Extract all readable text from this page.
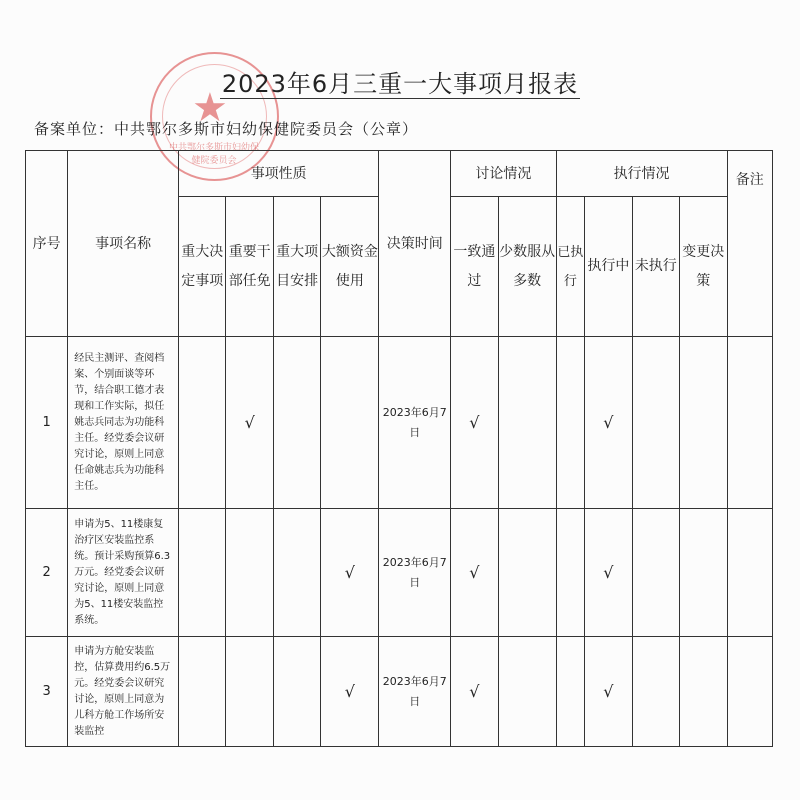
★
中共鄂尔多斯市妇幼保健院委员会
2023年6月三重一大事项月报表
备案单位：中共鄂尔多斯市妇幼保健院委员会（公章）
序号	事项名称	事项性质				决策时间	讨论情况		执行情况				备注
		重大决定事项	重要干部任免	重大项目安排	大额资金使用		一致通过	少数服从多数	已执行	执行中	未执行	变更决策	
1	经民主测评、查阅档案、个别面谈等环节，结合职工德才表现和工作实际，拟任姚志兵同志为功能科主任。经党委会议研究讨论，原则上同意任命姚志兵为功能科主任。		√			2023年6月7日	√			√			
2	申请为5、11楼康复治疗区安装监控系统。预计采购预算6.3万元。经党委会议研究讨论，原则上同意为5、11楼安装监控系统。				√	2023年6月7日	√			√			
3	申请为方舱安装监控，估算费用约6.5万元。经党委会议研究讨论，原则上同意为儿科方舱工作场所安装监控				√	2023年6月7日	√			√			
